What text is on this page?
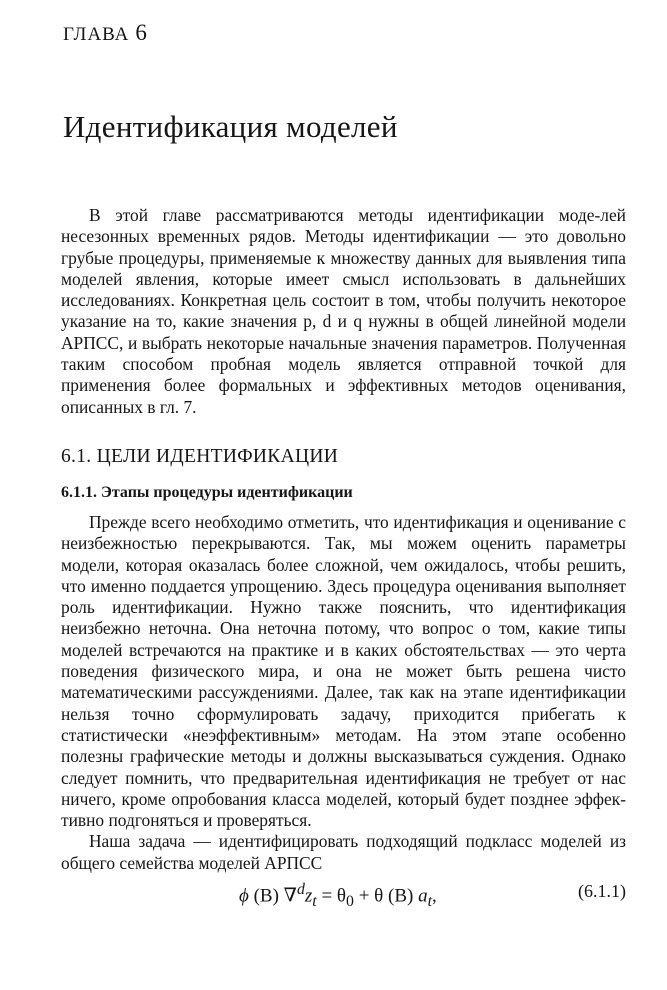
ГЛАВА 6
Идентификация моделей

В этой главе рассматриваются методы идентификации моде-лей несезонных временных рядов. Методы идентификации — это довольно грубые процедуры, применяемые к множеству данных для выявления типа моделей явления, которые имеет смысл использовать в дальнейших исследованиях. Конкретная цель состоит в том, чтобы получить некоторое указание на то, какие значения p, d и q нужны в общей линейной модели АРПСС, и выбрать некоторые начальные значения параметров. Полученная таким способом пробная модель является отправной точкой для применения более формальных и эффективных методов оценивания, описанных в гл. 7.

6.1. ЦЕЛИ ИДЕНТИФИКАЦИИ
6.1.1. Этапы процедуры идентификации

Прежде всего необходимо отметить, что идентификация и оценивание с неизбежностью перекрываются. Так, мы можем оценить параметры модели, которая оказалась более сложной, чем ожидалось, чтобы решить, что именно поддается упрощению. Здесь процедура оценивания выполняет роль идентификации. Нужно также пояснить, что идентификация неизбежно неточна. Она неточна потому, что вопрос о том, какие типы моделей встречаются на практике и в каких обстоятельствах — это черта поведения физического мира, и она не может быть решена чисто математическими рассуждениями. Далее, так как на этапе идентификации нельзя точно сформулировать задачу, приходится прибегать к статистически «неэффективным» методам. На этом этапе особенно полезны графические методы и должны высказываться суждения. Однако следует помнить, что предварительная идентификация не требует от нас ничего, кроме опробования класса моделей, который будет позднее эффективно подгоняться и проверяться.

Наша задача — идентифицировать подходящий подкласс моделей из общего семейства моделей АРПСС

ϕ (B) $\nabla^dz_t = \theta_0 + \theta$ (B) $a_t$,	(6.1.1)
